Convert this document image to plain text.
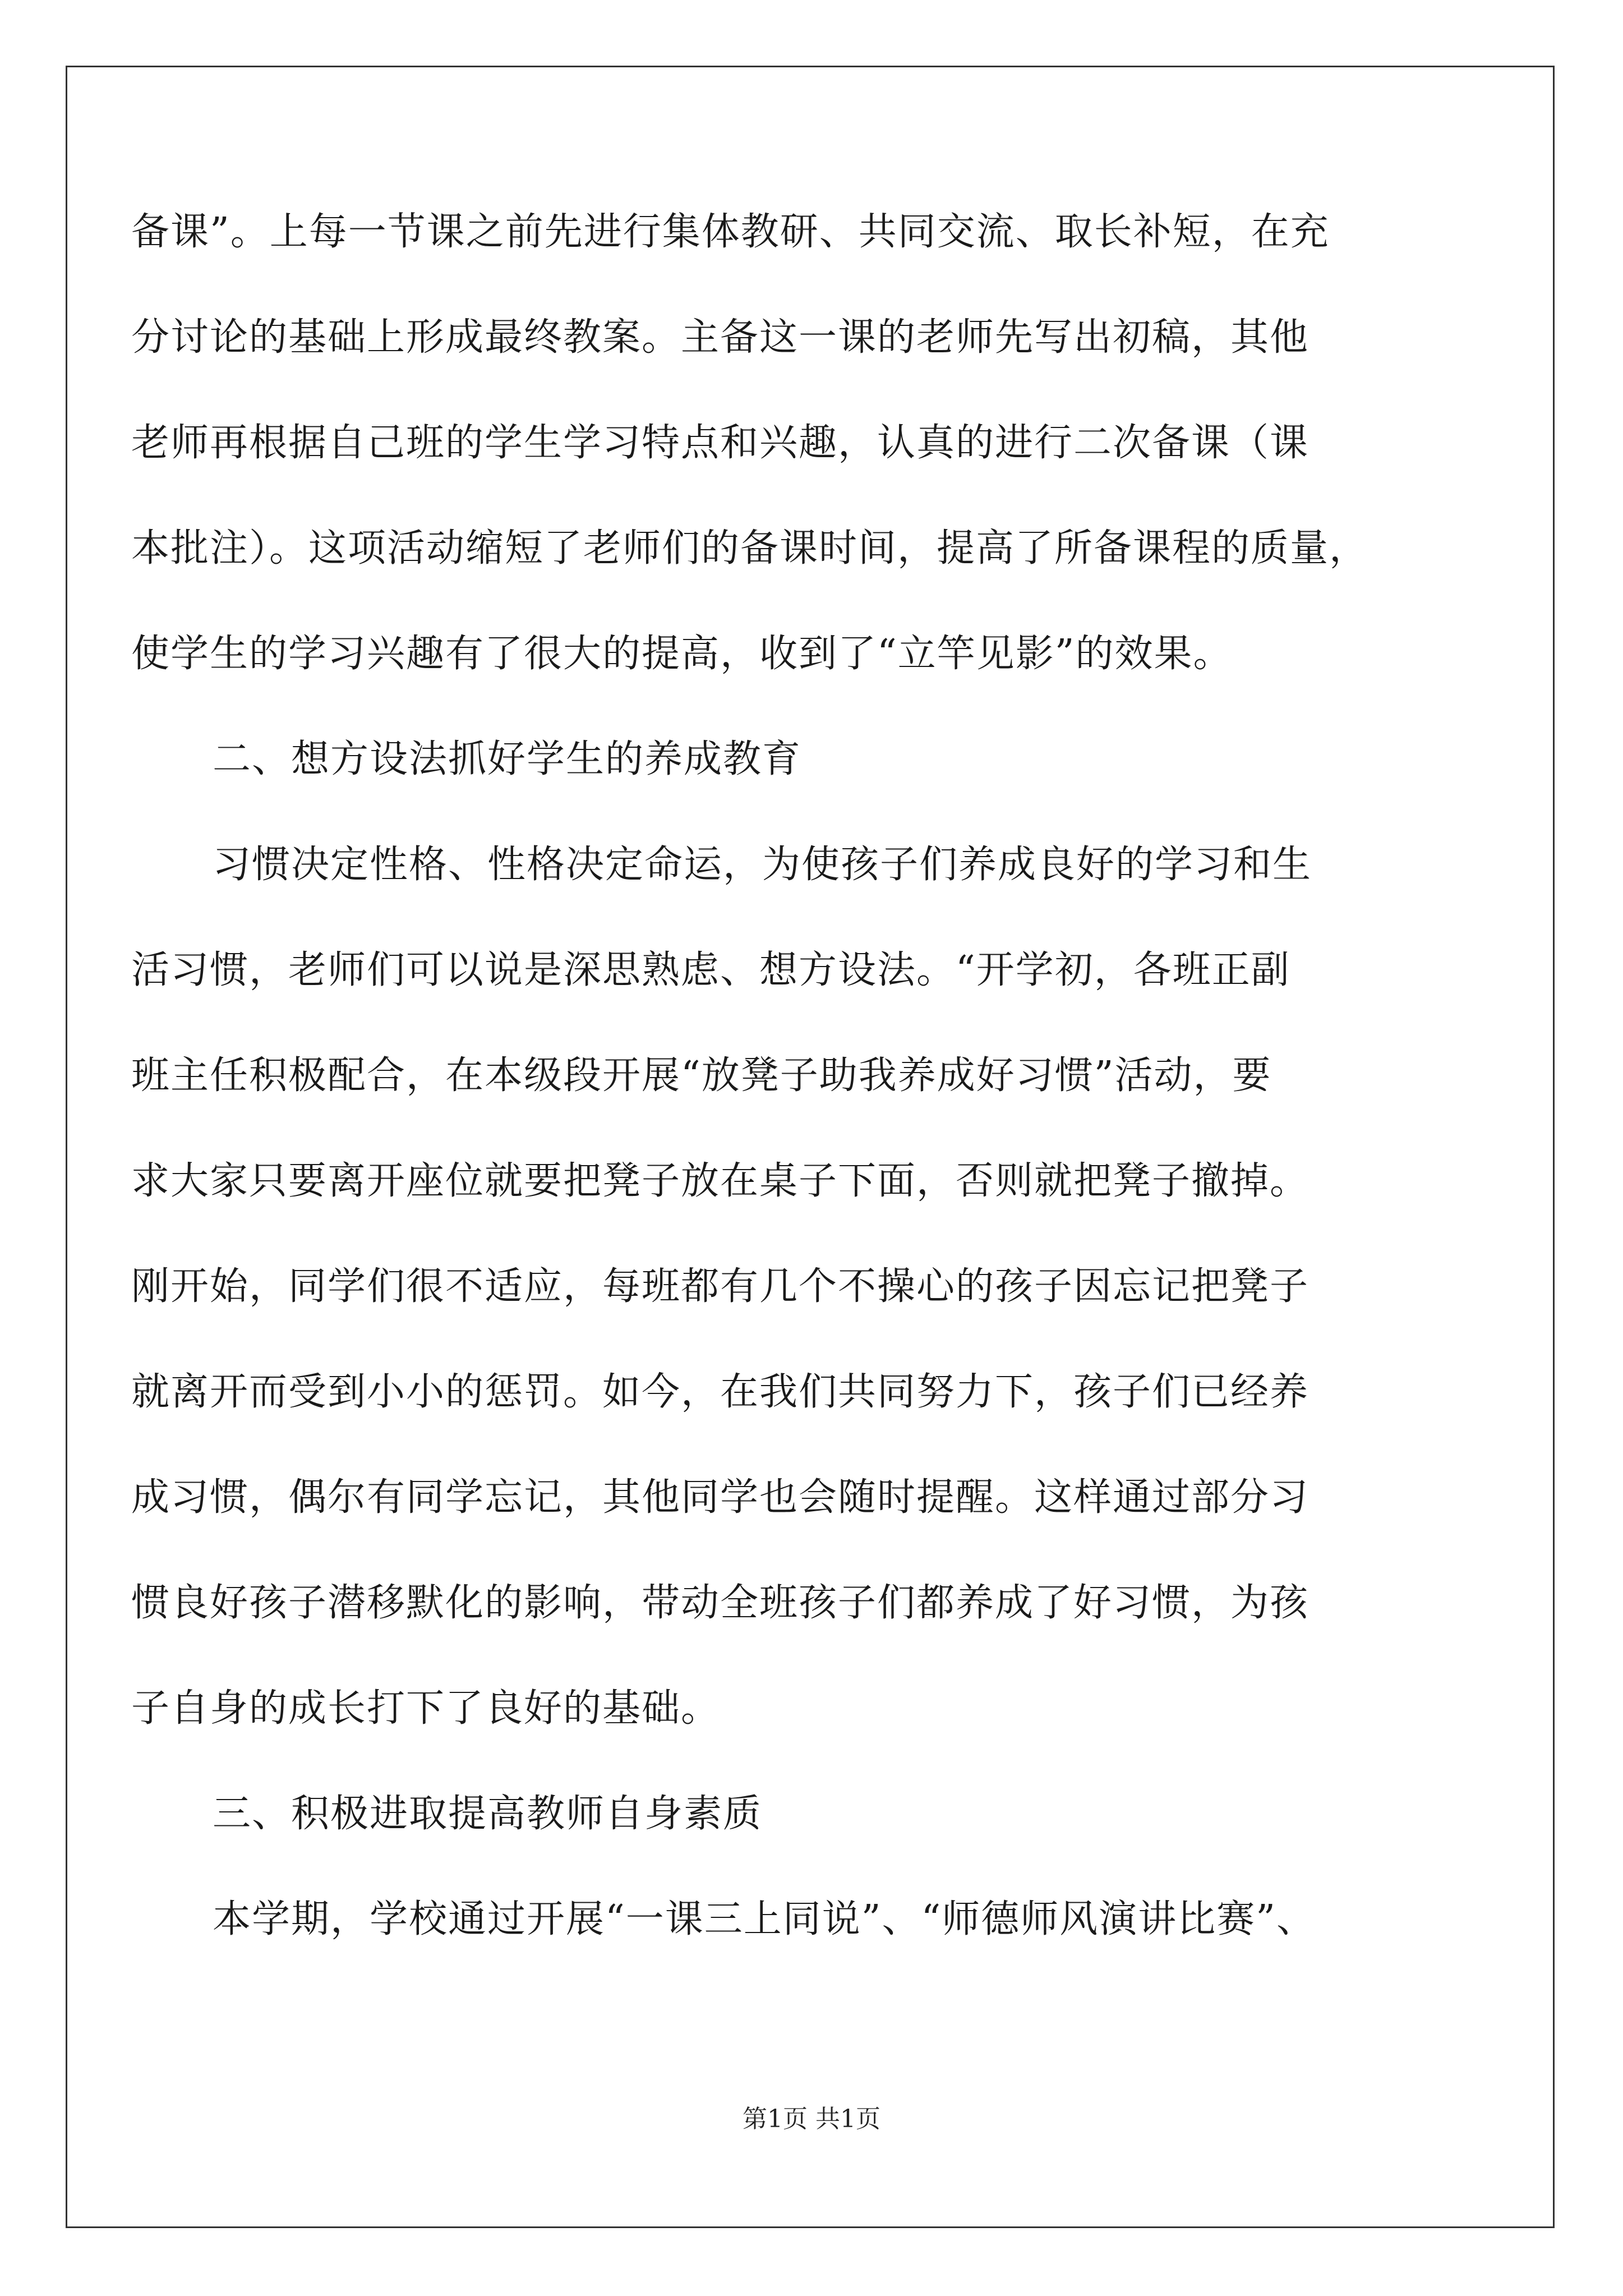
备课”。上每一节课之前先进行集体教研、共同交流、取长补短，在充
分讨论的基础上形成最终教案。主备这一课的老师先写出初稿，其他
老师再根据自己班的学生学习特点和兴趣，认真的进行二次备课（课
本批注）。这项活动缩短了老师们的备课时间，提高了所备课程的质量，
使学生的学习兴趣有了很大的提高，收到了“立竿见影”的效果。
二、想方设法抓好学生的养成教育
习惯决定性格、性格决定命运，为使孩子们养成良好的学习和生
活习惯，老师们可以说是深思熟虑、想方设法。“开学初，各班正副
班主任积极配合，在本级段开展“放凳子助我养成好习惯”活动，要
求大家只要离开座位就要把凳子放在桌子下面，否则就把凳子撤掉。
刚开始，同学们很不适应，每班都有几个不操心的孩子因忘记把凳子
就离开而受到小小的惩罚。如今，在我们共同努力下，孩子们已经养
成习惯，偶尔有同学忘记，其他同学也会随时提醒。这样通过部分习
惯良好孩子潜移默化的影响，带动全班孩子们都养成了好习惯，为孩
子自身的成长打下了良好的基础。
三、积极进取提高教师自身素质
本学期，学校通过开展“一课三上同说”、“师德师风演讲比赛”、
第1页 共1页
